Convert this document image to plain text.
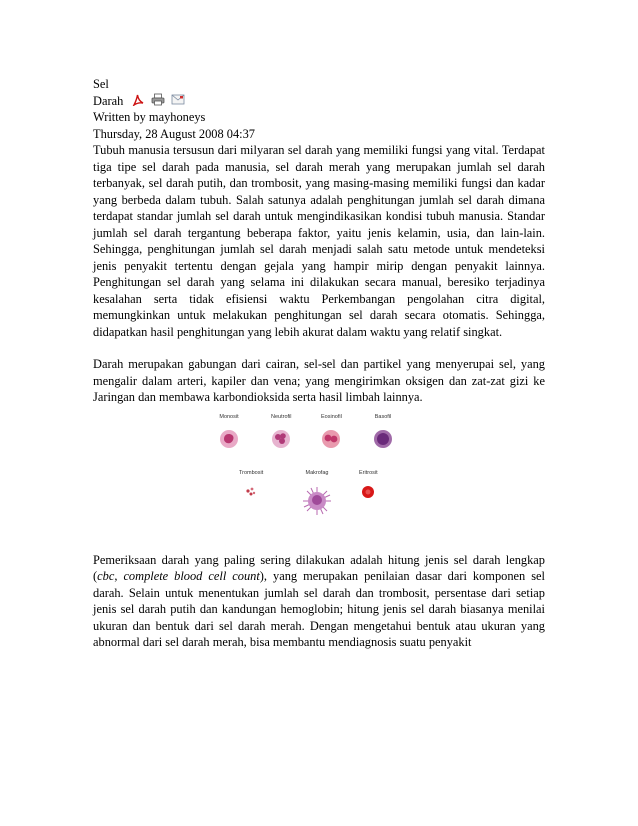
Sel
Darah
Written by mayhoneys
Thursday, 28 August 2008 04:37

Tubuh manusia tersusun dari milyaran sel darah yang memiliki fungsi yang vital. Terdapat tiga tipe sel darah pada manusia, sel darah merah yang merupakan jumlah sel darah terbanyak, sel darah putih, dan trombosit, yang masing-masing memiliki fungsi dan kadar yang berbeda dalam tubuh. Salah satunya adalah penghitungan jumlah sel darah dimana terdapat standar jumlah sel darah untuk mengindikasikan kondisi tubuh manusia. Standar jumlah sel darah tergantung beberapa faktor, yaitu jenis kelamin, usia, dan lain-lain. Sehingga, penghitungan jumlah sel darah menjadi salah satu metode untuk mendeteksi jenis penyakit tertentu dengan gejala yang hampir mirip dengan penyakit lainnya. Penghitungan sel darah yang selama ini dilakukan secara manual, beresiko terjadinya kesalahan serta tidak efisiensi waktu Perkembangan pengolahan citra digital, memungkinkan untuk melakukan penghitungan sel darah secara otomatis. Sehingga, didapatkan hasil penghitungan yang lebih akurat dalam waktu yang relatif singkat.

Darah merupakan gabungan dari cairan, sel-sel dan partikel yang menyerupai sel, yang mengalir dalam arteri, kapiler dan vena; yang mengirimkan oksigen dan zat-zat gizi ke Jaringan dan membawa karbondioksida serta hasil limbah lainnya.

Monosit	Neutrofil	Eosinofil	Basofil
Trombosit	Makrofag	Eritrosit

Pemeriksaan darah yang paling sering dilakukan adalah hitung jenis sel darah lengkap (cbc, complete blood cell count), yang merupakan penilaian dasar dari komponen sel darah. Selain untuk menentukan jumlah sel darah dan trombosit, persentase dari setiap jenis sel darah putih dan kandungan hemoglobin; hitung jenis sel darah biasanya menilai ukuran dan bentuk dari sel darah merah. Dengan mengetahui bentuk atau ukuran yang abnormal dari sel darah merah, bisa membantu mendiagnosis suatu penyakit
